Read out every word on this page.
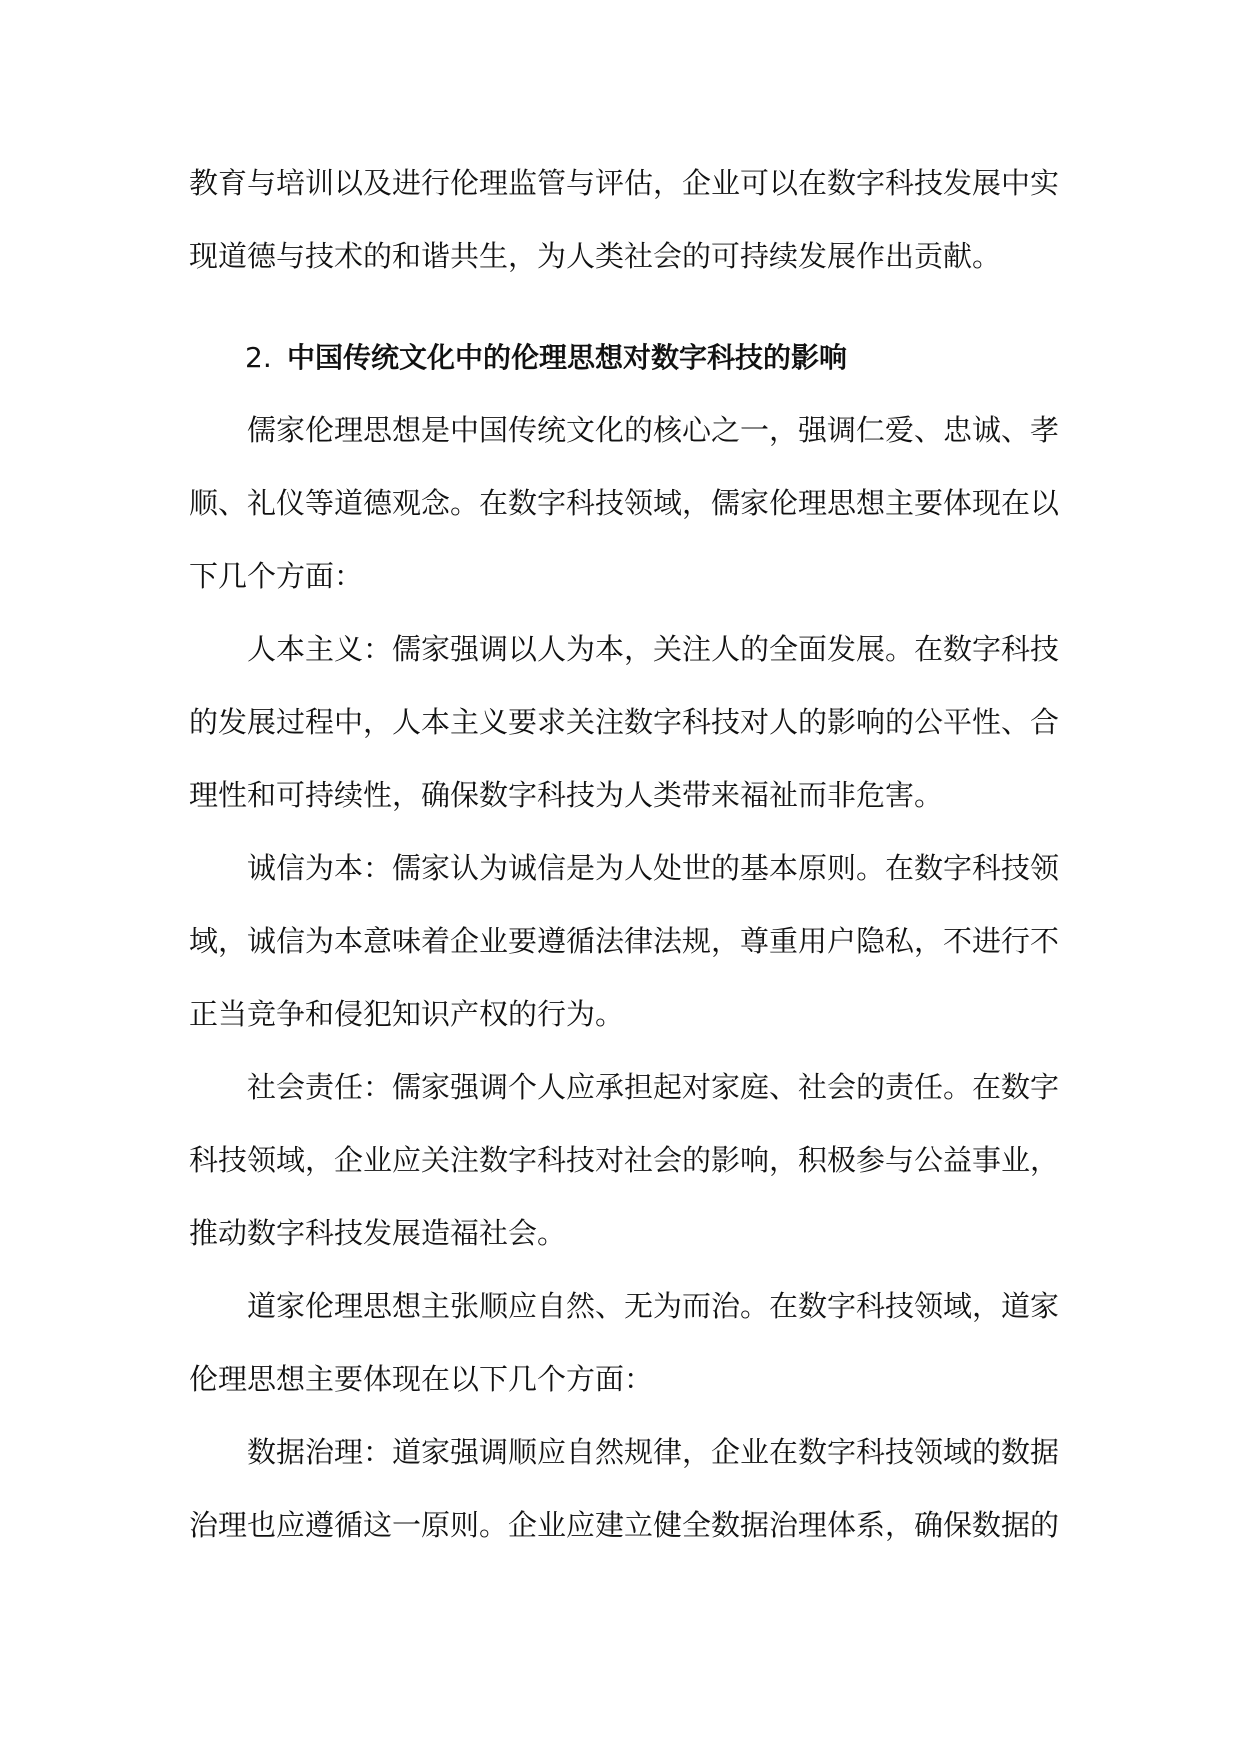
教育与培训以及进行伦理监管与评估，企业可以在数字科技发展中实
现道德与技术的和谐共生，为人类社会的可持续发展作出贡献。
2. 中国传统文化中的伦理思想对数字科技的影响
儒家伦理思想是中国传统文化的核心之一，强调仁爱、忠诚、孝
顺、礼仪等道德观念。在数字科技领域，儒家伦理思想主要体现在以
下几个方面：
人本主义：儒家强调以人为本，关注人的全面发展。在数字科技
的发展过程中，人本主义要求关注数字科技对人的影响的公平性、合
理性和可持续性，确保数字科技为人类带来福祉而非危害。
诚信为本：儒家认为诚信是为人处世的基本原则。在数字科技领
域，诚信为本意味着企业要遵循法律法规，尊重用户隐私，不进行不
正当竞争和侵犯知识产权的行为。
社会责任：儒家强调个人应承担起对家庭、社会的责任。在数字
科技领域，企业应关注数字科技对社会的影响，积极参与公益事业，
推动数字科技发展造福社会。
道家伦理思想主张顺应自然、无为而治。在数字科技领域，道家
伦理思想主要体现在以下几个方面：
数据治理：道家强调顺应自然规律，企业在数字科技领域的数据
治理也应遵循这一原则。企业应建立健全数据治理体系，确保数据的
